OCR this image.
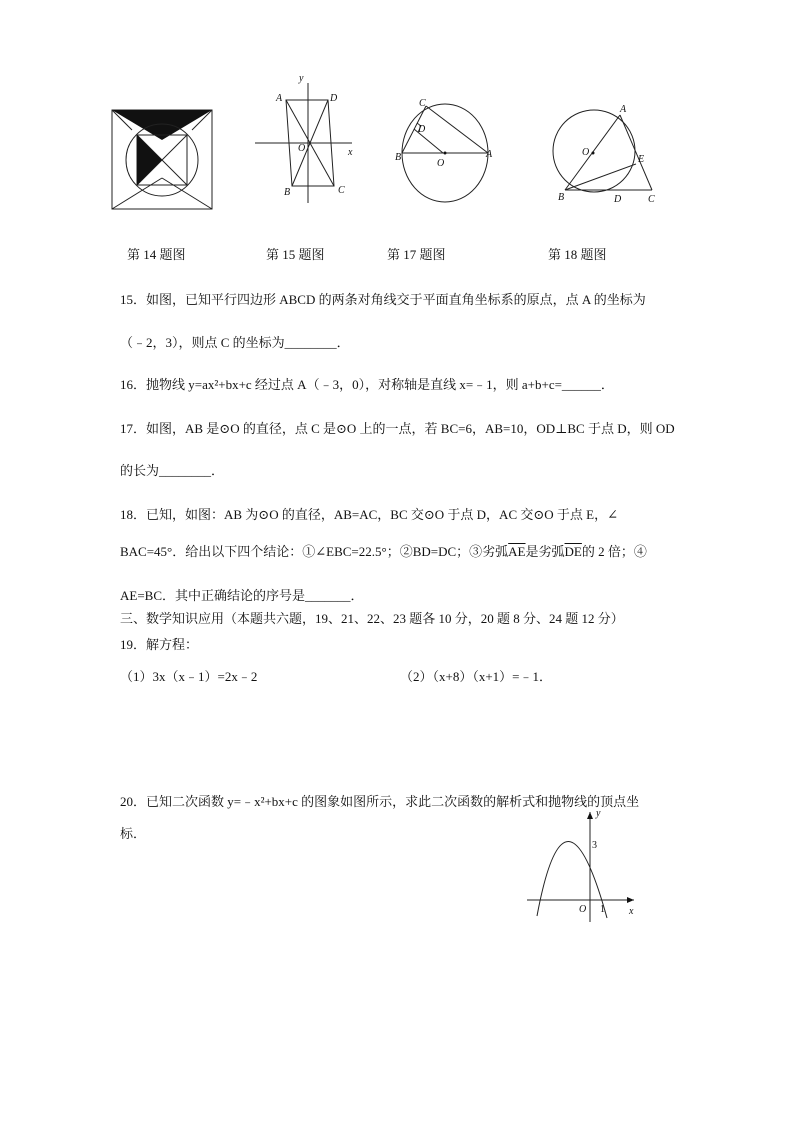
y
A	D
O	x
B	C
C
D
B
O
A
A
O
E
B	D	C
第 14 题图	第 15 题图	第 17 题图	第 18 题图
15．如图，已知平行四边形 ABCD 的两条对角线交于平面直角坐标系的原点，点 A 的坐标为
（﹣2，3），则点 C 的坐标为________．
16．抛物线 y=ax²+bx+c 经过点 A（﹣3，0），对称轴是直线 x=﹣1，则 a+b+c=______．
17．如图，AB 是⊙O 的直径，点 C 是⊙O 上的一点，若 BC=6，AB=10，OD⊥BC 于点 D，则 OD
的长为________．
18．已知，如图：AB 为⊙O 的直径，AB=AC，BC 交⊙O 于点 D，AC 交⊙O 于点 E，∠
BAC=45°．给出以下四个结论：①∠EBC=22.5°；②BD=DC；③劣弧$\overline{AE}$是劣弧$\overline{DE}$的 2 倍；④
AE=BC．其中正确结论的序号是_______．
三、数学知识应用（本题共六题，19、21、22、23 题各 10 分，20 题 8 分、24 题 12 分）
19．解方程：
（1）3x（x﹣1）=2x﹣2	（2）（x+8）（x+1）=﹣1．
20．已知二次函数 y=﹣x²+bx+c 的图象如图所示，求此二次函数的解析式和抛物线的顶点坐
标．
y
3
O 1 x
